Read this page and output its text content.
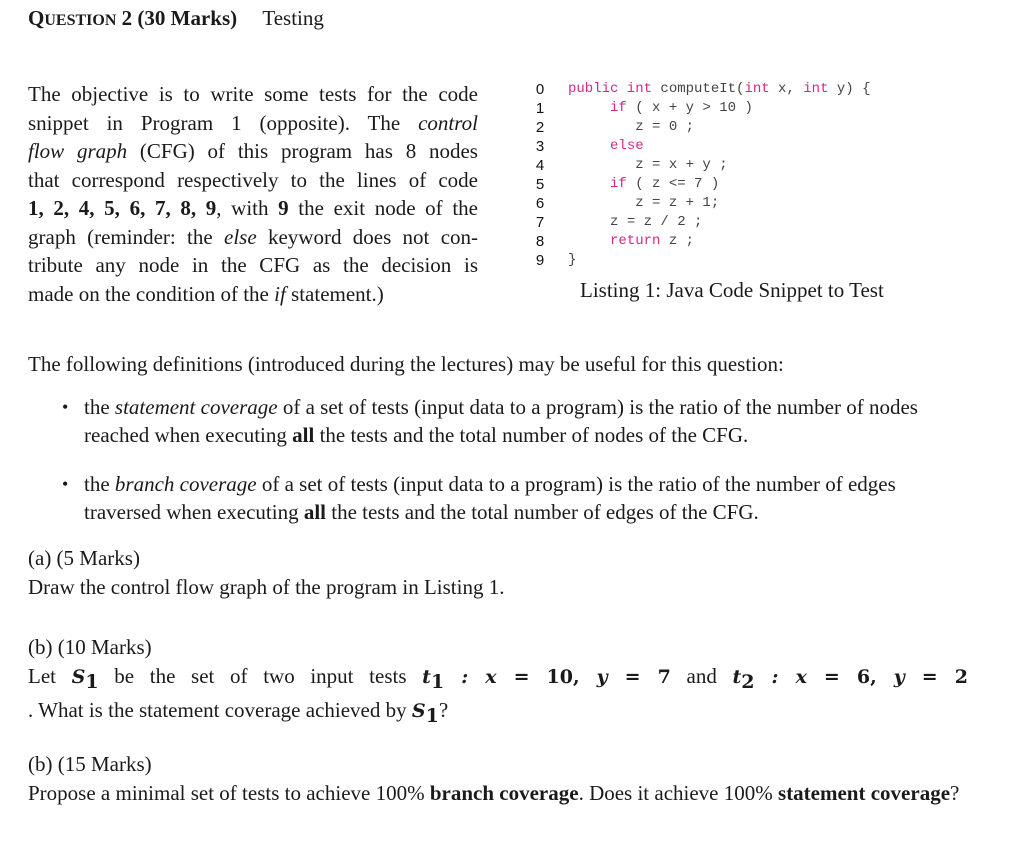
QUESTION 2 (30 Marks) Testing
The objective is to write some tests for the code
snippet in Program 1 (opposite). The control
flow graph (CFG) of this program has 8 nodes
that correspond respectively to the lines of code
1, 2, 4, 5, 6, 7, 8, 9, with 9 the exit node of the
graph (reminder: the else keyword does not con-
tribute any node in the CFG as the decision is
made on the condition of the if statement.)
0	public int computeIt(int x, int y) {
1	if ( x + y > 10 )
2	z = 0 ;
3	else
4	z = x + y ;
5	if ( z <= 7 )
6	z = z + 1;
7	z = z / 2 ;
8	return z ;
9	}
Listing 1: Java Code Snippet to Test

The following definitions (introduced during the lectures) may be useful for this question:

• the statement coverage of a set of tests (input data to a program) is the ratio of the number of nodes reached when executing all the tests and the total number of nodes of the CFG.
• the branch coverage of a set of tests (input data to a program) is the ratio of the number of edges traversed when executing all the tests and the total number of edges of the CFG.

(a) (5 Marks)

Draw the control flow graph of the program in Listing 1.

(b) (10 Marks)

Let $S_1$ be the set of two input tests $t_1$ : x = 10, y = 7 and $t_2$ : x = 6, y = 2

. What is the statement coverage achieved by $S_1$?

(b) (15 Marks)

Propose a minimal set of tests to achieve 100% branch coverage. Does it achieve 100% statement coverage?
